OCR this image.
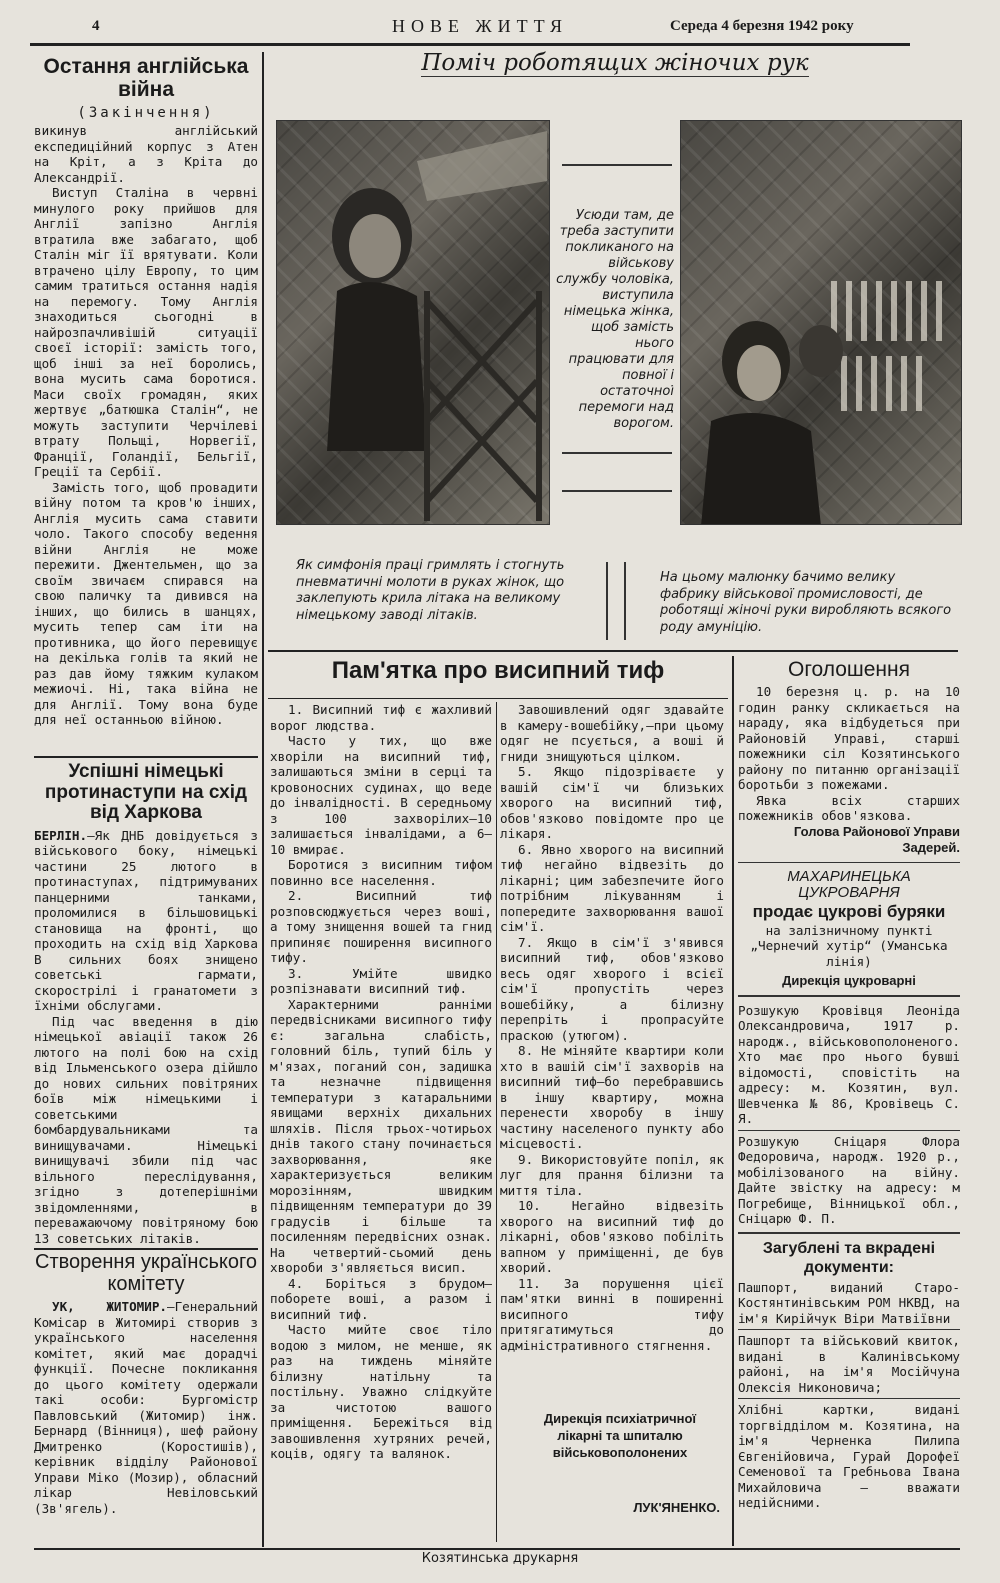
4	НОВЕ ЖИТТЯ	Середа 4 березня 1942 року
Остання англійська війна
(Закінчення)

викинув англійський експедиційний корпус з Атен на Кріт, а з Кріта до Александрії.

Виступ Сталіна в червні минулого року прийшов для Англії запізно Англія втратила вже забагато, щоб Сталін міг її врятувати. Коли втрачено цілу Европу, то цим самим тратиться остання надія на перемогу. Тому Англія знаходиться сьогодні в найрозпачливішій ситуації своєї історії: замість того, щоб інші за неї боролись, вона мусить сама боротися. Маси своїх громадян, яких жертвує „батюшка Сталін“, не можуть заступити Черчілеві втрату Польщі, Норвегії, Франції, Голандії, Бельгії, Греції та Сербії.

Замість того, щоб провадити війну потом та кров'ю інших, Англія мусить сама ставити чоло. Такого способу ведення війни Англія не може пережити. Джентельмен, що за своїм звичаєм спирався на свою паличку та дивився на інших, що бились в шанцях, мусить тепер сам іти на противника, що його перевищує на декілька голів та який не раз дав йому тяжким кулаком межиочі. Ні, така війна не для Англії. Тому вона буде для неї останньою війною.

Успішні німецькі протинаступи на схід від Харкова

БЕРЛІН.—Як ДНБ довідується з військового боку, німецькі частини 25 лютого в протинаступах, підтримуваних панцерними танками, проломилися в більшовицькі становища на фронті, що проходить на схід від Харкова В сильних боях знищено советські гармати, скорострілі і гранатомети з їхніми обслугами.

Під час введення в дію німецької авіації також 26 лютого на полі бою на схід від Ільменського озера дійшло до нових сильних повітряних боїв між німецькими і советськими бомбардувальниками та винищувачами. Німецькі винищувачі збили під час вільного переслідування, згідно з дотеперішніми звідомленнями, в переважаючому повітряному бою 13 советських літаків.

Створення українського комітету

УК, ЖИТОМИР.—Генеральний Комісар в Житомирі створив з українського населення комітет, який має дорадчі функції. Почесне покликання до цього комітету одержали такі особи: Бургомістр Павловський (Житомир) інж. Бернард (Вінниця), шеф району Дмитренко (Коростишів), керівник відділу Районової Управи Міко (Мозир), обласний лікар Невіловський (Зв'ягель).

Поміч роботящих жіночих рук
Усюди там, де треба заступити покликаного на військову службу чоловіка, виступила німецька жінка, щоб замість нього працювати для повної і остаточної перемоги над ворогом.
Як симфонія праці гримлять і стогнуть пневматичні молоти в руках жінок, що заклепують крила літака на великому німецькому заводі літаків.
На цьому малюнку бачимо велику фабрику військової промисловості, де роботящі жіночі руки виробляють всякого роду амуніцію.
Пам'ятка про висипний тиф

1. Висипний тиф є жахливий ворог людства.

Часто у тих, що вже хворіли на висипний тиф, залишаються зміни в серці та кровоносних судинах, що веде до інвалідності. В середньому з 100 захворілих—10 залишається інвалідами, а 6—10 вмирає.

Боротися з висипним тифом повинно все населення.

2. Висипний тиф розповсюджується через воші, а тому знищення вошей та гнид припиняє поширення висипного тифу.

3. Умійте швидко розпізнавати висипний тиф.

Характерними ранніми передвісниками висипного тифу є: загальна слабість, головний біль, тупий біль у м'язах, поганий сон, задишка та незначне підвищення температури з катаральними явищами верхніх дихальних шляхів. Після трьох-чотирьох днів такого стану починається захворювання, яке характеризується великим морозінням, швидким підвищенням температури до 39 градусів і більше та посиленням передвісних ознак. На четвертий-сьомий день хвороби з'являється висип.

4. Боріться з брудом—поборете воші, а разом і висипний тиф.

Часто мийте своє тіло водою з милом, не менше, як раз на тиждень міняйте білизну натільну та постільну. Уважно слідкуйте за чистотою вашого приміщення. Бережіться від завошивлення хутряних речей, коців, одягу та валянок.

Завошивлений одяг здавайте в камеру-вошебійку,—при цьому одяг не псується, а воші й гниди знищуються цілком.

5. Якщо підозріваєте у вашій сім'ї чи близьких хворого на висипний тиф, обов'язково повідомте про це лікаря.

6. Явно хворого на висипний тиф негайно відвезіть до лікарні; цим забезпечите його потрібним лікуванням і попередите захворювання вашої сім'ї.

7. Якщо в сім'ї з'явився висипний тиф, обов'язково весь одяг хворого і всієї сім'ї пропустіть через вошебійку, а білизну перепріть і пропрасуйте праскою (утюгом).

8. Не міняйте квартири коли хто в вашій сім'ї захворів на висипний тиф—бо перебравшись в іншу квартиру, можна перенести хворобу в іншу частину населеного пункту або місцевості.

9. Використовуйте попіл, як луг для прання білизни та миття тіла.

10. Негайно відвезіть хворого на висипний тиф до лікарні, обов'язково побіліть вапном у приміщенні, де був хворий.

11. За порушення цієї пам'ятки винні в поширенні висипного тифу притягатимуться до адміністративного стягнення.

Дирекція психіатричної лікарні та шпиталю військовополонених
ЛУК'ЯНЕНКО.
Оголошення

10 березня ц. р. на 10 годин ранку скликається на нараду, яка відбудеться при Районовій Управі, старші пожежники сіл Козятинського району по питанню організації боротьби з пожежами.

Явка всіх старших пожежників обов'язкова.

Голова Районової Управи Задерей.

МАХАРИНЕЦЬКА ЦУКРОВАРНЯ

продає цукрові буряки

на залізничному пункті „Чернечий хутір“ (Уманська лінія)

Дирекція цукроварні

Розшукую Кровівця Леоніда Олександровича, 1917 р. народж., військовополоненого. Хто має про нього бувші відомості, сповістіть на адресу: м. Козятин, вул. Шевченка № 86, Кровівець С. Я.
Розшукую Сніцаря Флора Федоровича, народж. 1920 р., мобілізованого на війну. Дайте звістку на адресу: м Погребище, Вінницької обл., Сніцарю Ф. П.
Загублені та вкрадені документи:
Пашпорт, виданий Старо-Костянтинівським РОМ НКВД, на ім'я Кирійчук Віри Матвіївни
Пашпорт та військовий квиток, видані в Калинівському районі, на ім'я Мосійчуна Олексія Никоновича;
Хлібні картки, видані торгвідділом м. Козятина, на ім'я Черненка Пилипа Євгенійовича, Гурай Дорофеї Семенової та Гребньова Івана Михайловича — вважати недійсними.
Козятинська друкарня
